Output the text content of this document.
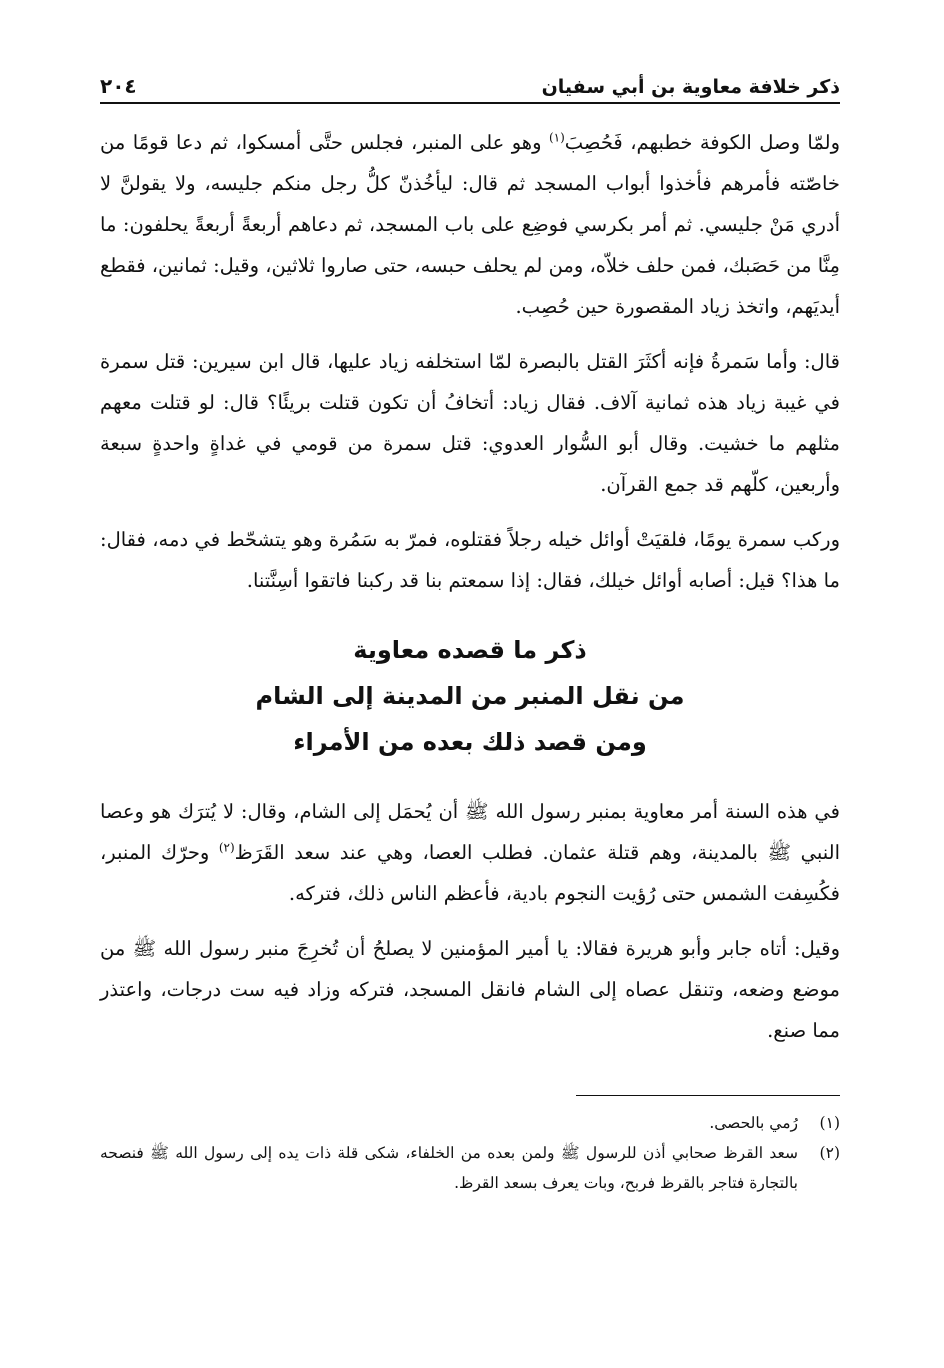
ذكر خلافة معاوية بن أبي سفيان
٢٠٤

ولمّا وصل الكوفة خطبهم، فَحُصِبَ$^{(١)}$ وهو على المنبر، فجلس حتَّى أمسكوا، ثم دعا قومًا من خاصّته فأمرهم فأخذوا أبواب المسجد ثم قال: ليأخُذنّ كلُّ رجل منكم جليسه، ولا يقولنَّ لا أدري مَنْ جليسي. ثم أمر بكرسي فوضِع على باب المسجد، ثم دعاهم أربعةً أربعةً يحلفون: ما مِنَّا من حَصَبك، فمن حلف خلاّه، ومن لم يحلف حبسه، حتى صاروا ثلاثين، وقيل: ثمانين، فقطع أيديَهم، واتخذ زياد المقصورة حين حُصِب.

قال: وأما سَمرةُ فإنه أكثَرَ القتل بالبصرة لمّا استخلفه زياد عليها، قال ابن سيرين: قتل سمرة في غيبة زياد هذه ثمانية آلاف. فقال زياد: أتخافُ أن تكون قتلت بريئًا؟ قال: لو قتلت معهم مثلهم ما خشيت. وقال أبو السُّوار العدوي: قتل سمرة من قومي في غداةٍ واحدةٍ سبعة وأربعين، كلّهم قد جمع القرآن.

وركب سمرة يومًا، فلقيَتْ أوائل خيله رجلاً فقتلوه، فمرّ به سَمُرة وهو يتشحّط في دمه، فقال: ما هذا؟ قيل: أصابه أوائل خيلك، فقال: إذا سمعتم بنا قد ركبنا فاتقوا أسِنَّتنا.

ذكر ما قصده معاوية
من نقل المنبر من المدينة إلى الشام
ومن قصد ذلك بعده من الأمراء

في هذه السنة أمر معاوية بمنبر رسول الله ﷺ أن يُحمَل إلى الشام، وقال: لا يُترَك هو وعصا النبي ﷺ بالمدينة، وهم قتلة عثمان. فطلب العصا، وهي عند سعد القَرَظ$^{(٢)}$ وحرّك المنبر، فكُسِفت الشمس حتى رُؤيت النجوم بادية، فأعظم الناس ذلك، فتركه.

وقيل: أتاه جابر وأبو هريرة فقالا: يا أمير المؤمنين لا يصلحُ أن تُخرِجَ منبر رسول الله ﷺ من موضع وضعه، وتنقل عصاه إلى الشام فانقل المسجد، فتركه وزاد فيه ست درجات، واعتذر مما صنع.

(١)
رُمي بالحصى.
(٢)
سعد القرظ صحابي أذن للرسول ﷺ ولمن بعده من الخلفاء، شكى قلة ذات يده إلى رسول الله ﷺ فنصحه بالتجارة فتاجر بالقرظ فربح، وبات يعرف بسعد القرظ.
